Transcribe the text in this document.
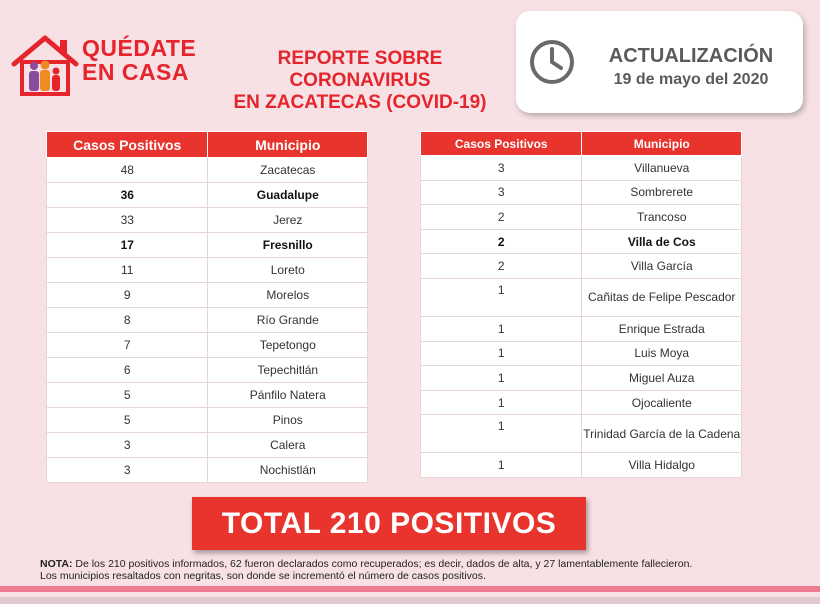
QUÉDATE
EN CASA
REPORTE SOBRE CORONAVIRUS
EN ZACATECAS (COVID-19)
ACTUALIZACIÓN
19 de mayo del 2020
Casos Positivos	Municipio
48	Zacatecas
36	Guadalupe
33	Jerez
17	Fresnillo
11	Loreto
9	Morelos
8	Río Grande
7	Tepetongo
6	Tepechitlán
5	Pánfilo Natera
5	Pinos
3	Calera
3	Nochistlán
Casos Positivos	Municipio
3	Villanueva
3	Sombrerete
2	Trancoso
2	Villa de Cos
2	Villa García
1	Cañitas de Felipe Pescador
1	Enrique Estrada
1	Luis Moya
1	Miguel Auza
1	Ojocaliente
1	Trinidad García de la Cadena
1	Villa Hidalgo
TOTAL 210 POSITIVOS
NOTA: De los 210 positivos informados, 62 fueron declarados como recuperados; es decir, dados de alta, y 27 lamentablemente fallecieron.
Los municipios resaltados con negritas, son donde se incrementó el número de casos positivos.
